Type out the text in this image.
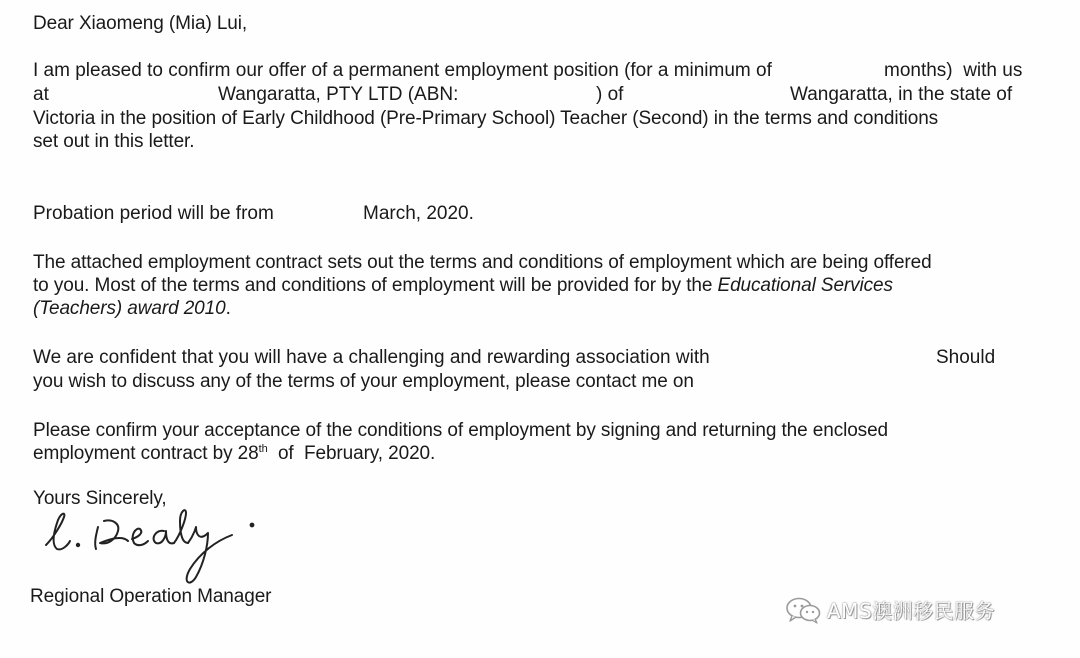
Dear Xiaomeng (Mia) Lui,
I am pleased to confirm our offer of a permanent employment position (for a minimum of	months)  with us
at	Wangaratta, PTY LTD (ABN:	) of	Wangaratta, in the state of
Victoria in the position of Early Childhood (Pre-Primary School) Teacher (Second) in the terms and conditions
set out in this letter.
Probation period will be from	March, 2020.
The attached employment contract sets out the terms and conditions of employment which are being offered
to you. Most of the terms and conditions of employment will be provided for by the Educational Services
(Teachers) award 2010.
We are confident that you will have a challenging and rewarding association with	Should
you wish to discuss any of the terms of your employment, please contact me on
Please confirm your acceptance of the conditions of employment by signing and returning the enclosed
employment contract by 28th  of  February, 2020.
Yours Sincerely,
Regional Operation Manager
AMS澳洲移民服务
